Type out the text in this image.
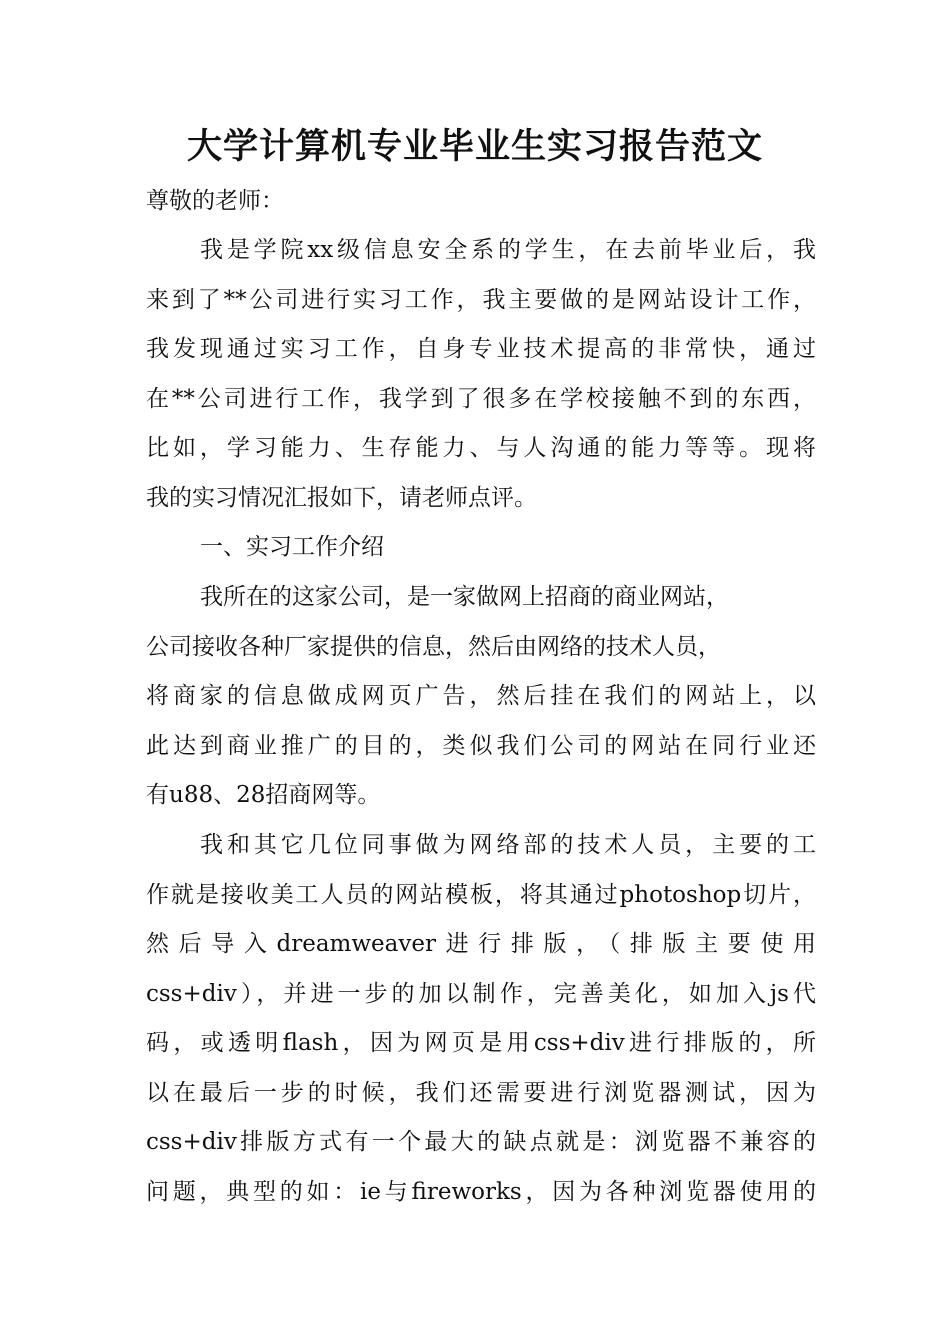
大学计算机专业毕业生实习报告范文
尊敬的老师：
我是学院xx级信息安全系的学生，在去前毕业后，我
来到了**公司进行实习工作，我主要做的是网站设计工作，
我发现通过实习工作，自身专业技术提高的非常快，通过
在**公司进行工作，我学到了很多在学校接触不到的东西，
比如，学习能力、生存能力、与人沟通的能力等等。现将
我的实习情况汇报如下，请老师点评。
一、实习工作介绍
我所在的这家公司，是一家做网上招商的商业网站，
公司接收各种厂家提供的信息，然后由网络的技术人员，
将商家的信息做成网页广告，然后挂在我们的网站上，以
此达到商业推广的目的，类似我们公司的网站在同行业还
有u88、28招商网等。
我和其它几位同事做为网络部的技术人员，主要的工
作就是接收美工人员的网站模板，将其通过photoshop切片，
然后导入dreamweaver进行排版，（排版主要使用
css+div），并进一步的加以制作，完善美化，如加入js代
码，或透明flash，因为网页是用css+div进行排版的，所
以在最后一步的时候，我们还需要进行浏览器测试，因为
css+div排版方式有一个最大的缺点就是：浏览器不兼容的
问题，典型的如：ie与fireworks，因为各种浏览器使用的
